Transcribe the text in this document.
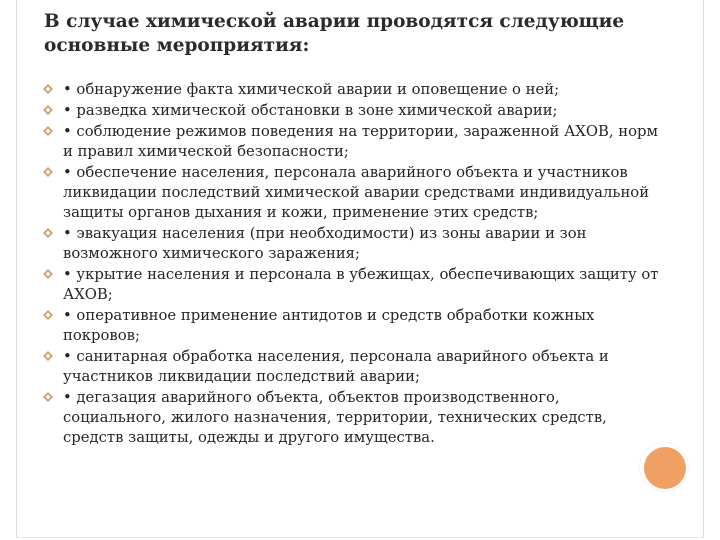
В случае химической аварии проводятся следующие основные мероприятия:
• обнаружение факта химической аварии и оповещение о ней;
• разведка химической обстановки в зоне химической аварии;
• соблюдение режимов поведения на территории, зараженной АХОВ, норм и правил химической безопасности;
• обеспечение населения, персонала аварийного объекта и участников ликвидации последствий химической аварии средствами индивидуальной защиты органов дыхания и кожи, применение этих средств;
• эвакуация населения (при необходимости) из зоны аварии и зон возможного химического заражения;
• укрытие населения и персонала в убежищах, обеспечивающих защиту от АХОВ;
• оперативное применение антидотов и средств обработки кожных покровов;
• санитарная обработка населения, персонала аварийного объекта и участников ликвидации последствий аварии;
• дегазация аварийного объекта, объектов производственного, социального, жилого назначения, территории, технических средств, средств защиты, одежды и другого имущества.
